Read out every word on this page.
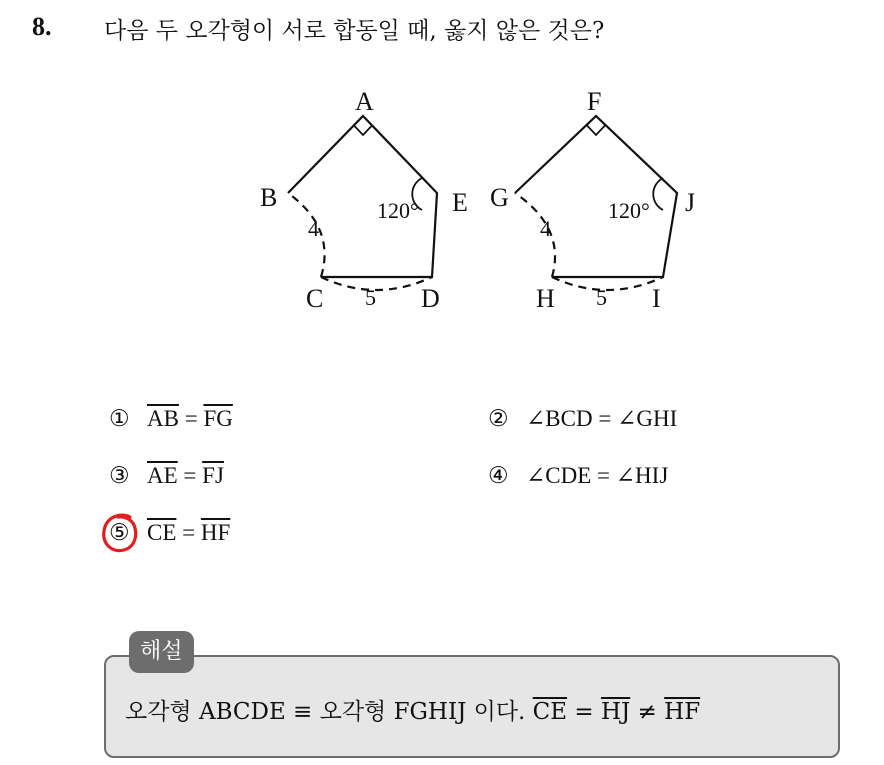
8. 다음 두 오각형이 서로 합동일 때, 옳지 않은 것은?
A
B
C	D
E
4
5
120°
F
G
H	I
J
4
5
120°
① $\overline{AB} = \overline{FG}$	② ∠BCD = ∠GHI
③ $\overline{AE} = \overline{FJ}$	④ ∠CDE = ∠HIJ
⑤ $\overline{CE} = \overline{HF}$
해설
오각형 ABCDE ≡ 오각형 FGHIJ 이다. $\overline{CE} = \overline{HJ} \ne \overline{HF}$
